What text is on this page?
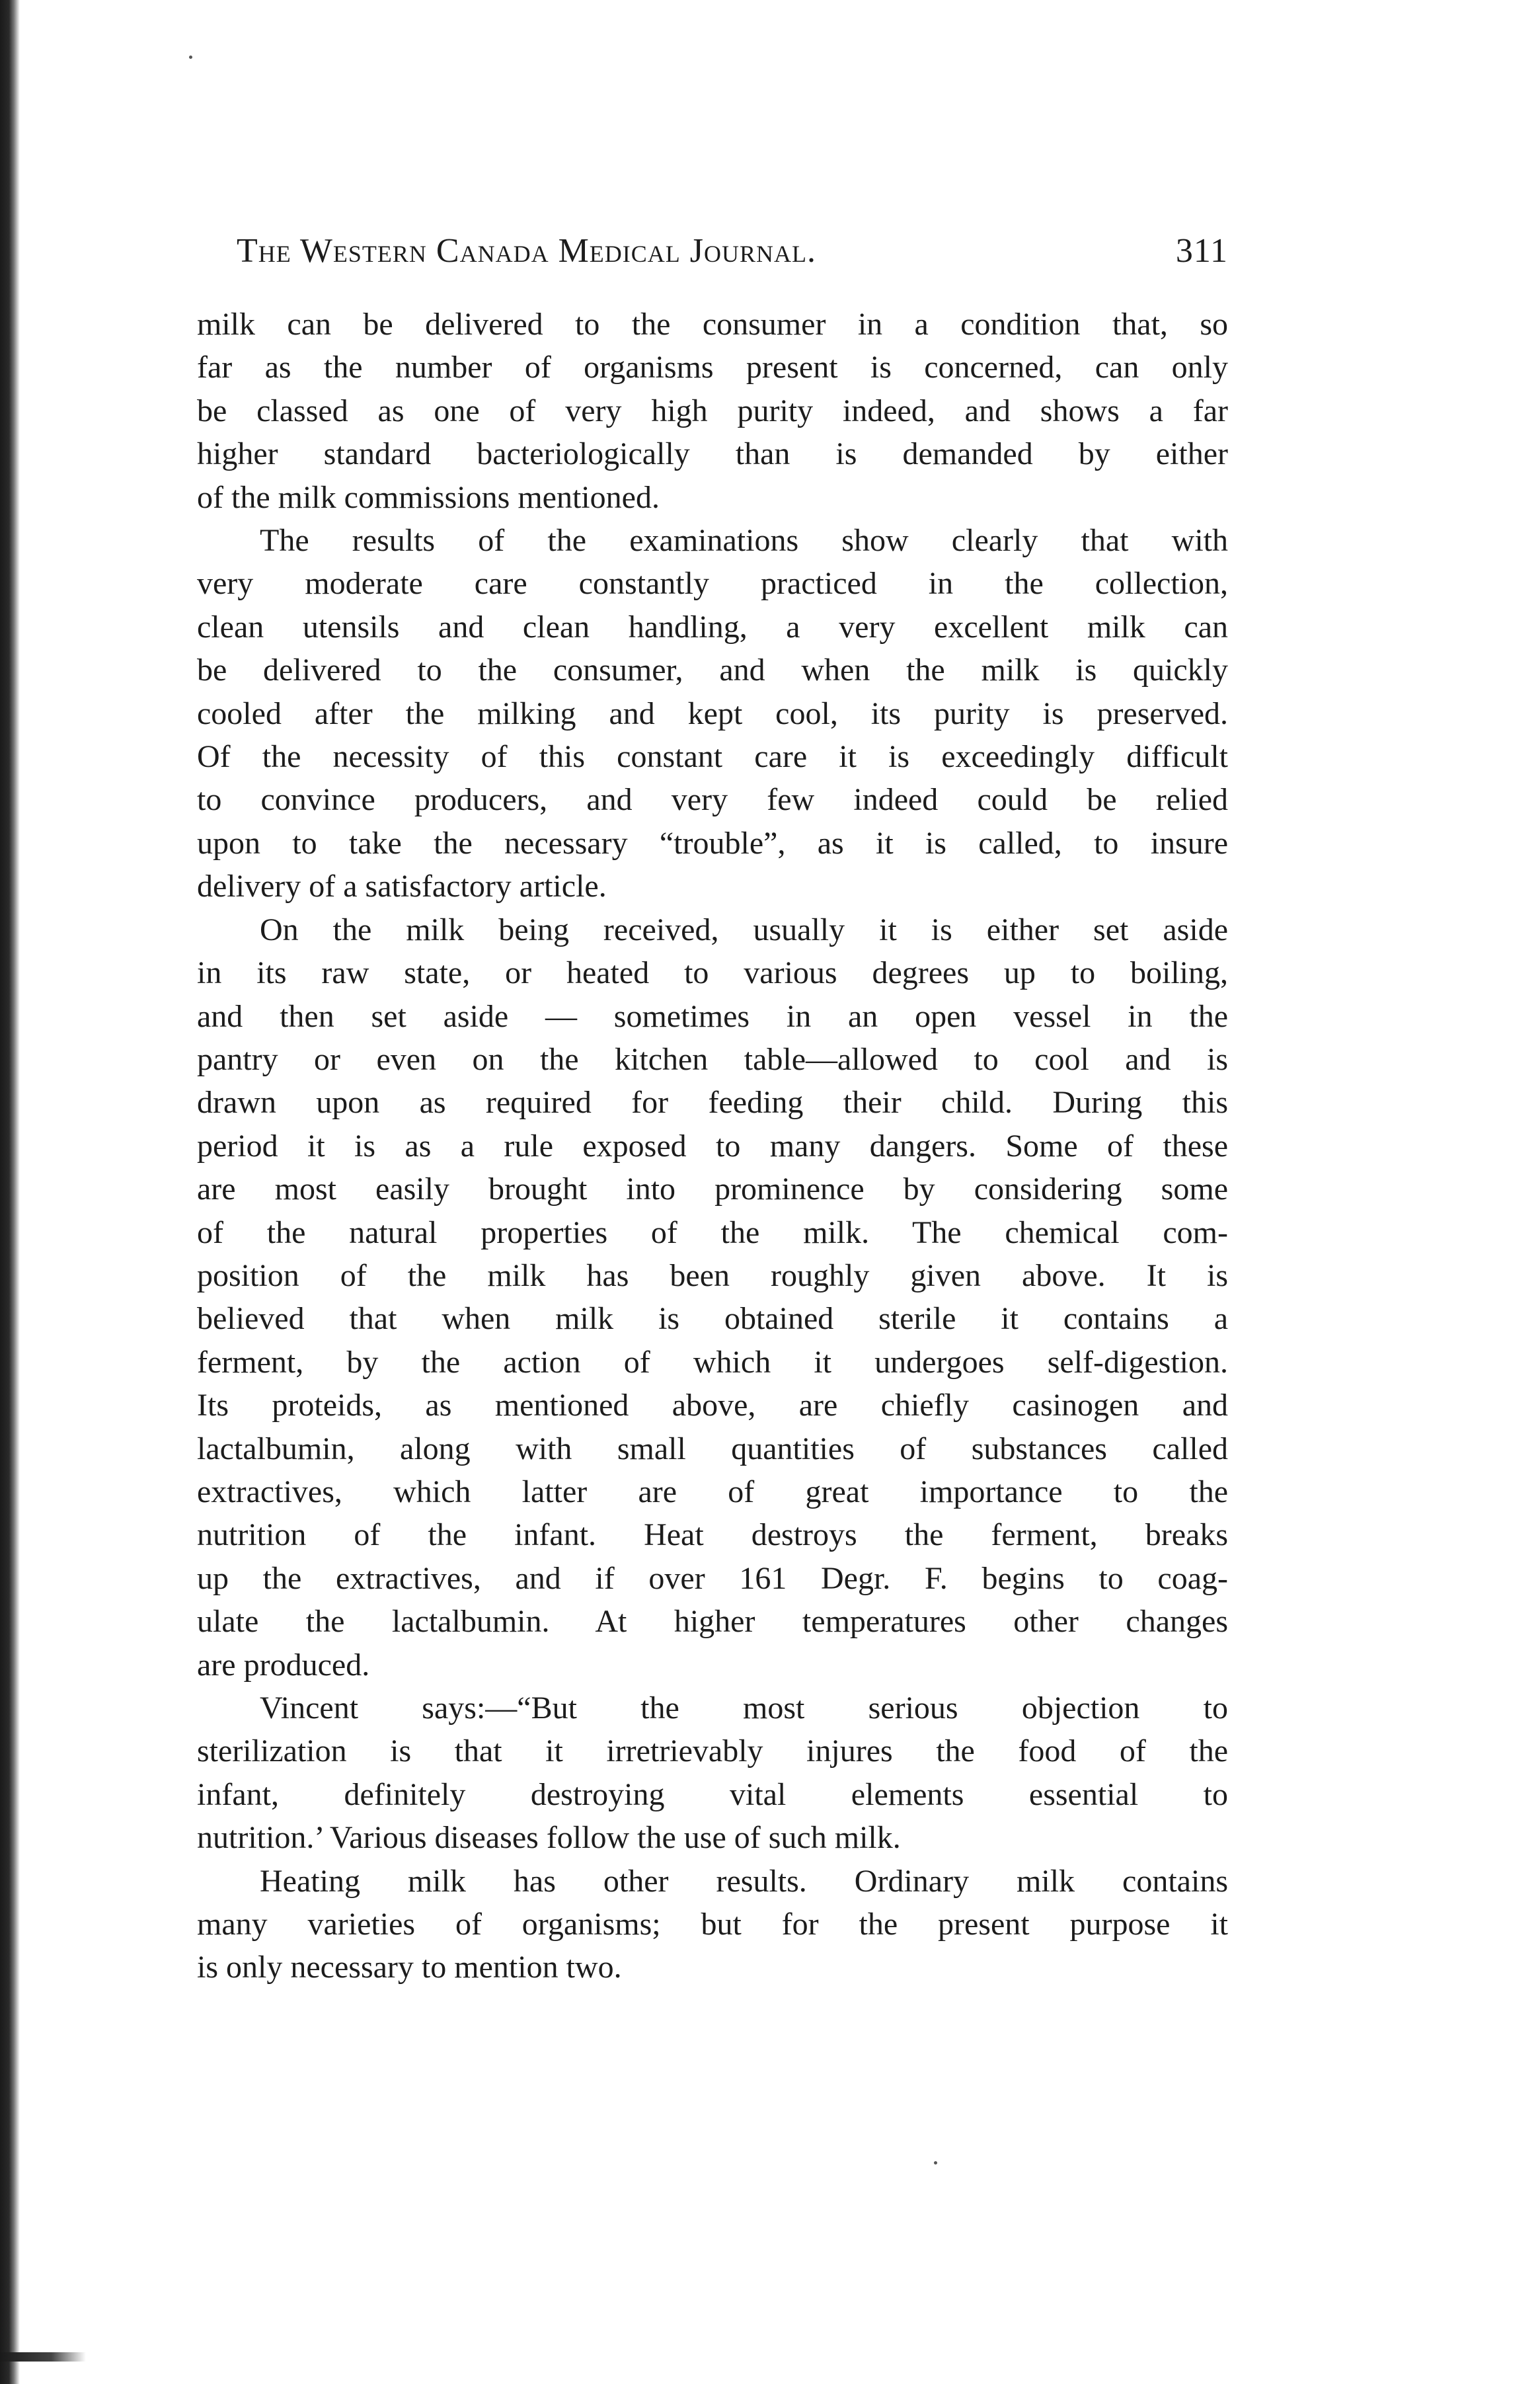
The Western Canada Medical Journal.	311

milk can be delivered to the consumer in a condition that, so
far as the number of organisms present is concerned, can only
be classed as one of very high purity indeed, and shows a far
higher standard bacteriologically than is demanded by either
of the milk commissions mentioned.

The results of the examinations show clearly that with
very moderate care constantly practiced in the collection,
clean utensils and clean handling, a very excellent milk can
be delivered to the consumer, and when the milk is quickly
cooled after the milking and kept cool, its purity is preserved.
Of the necessity of this constant care it is exceedingly difficult
to convince producers, and very few indeed could be relied
upon to take the necessary “trouble”, as it is called, to insure
delivery of a satisfactory article.

On the milk being received, usually it is either set aside
in its raw state, or heated to various degrees up to boiling,
and then set aside — sometimes in an open vessel in the
pantry or even on the kitchen table—allowed to cool and is
drawn upon as required for feeding their child. During this
period it is as a rule exposed to many dangers. Some of these
are most easily brought into prominence by considering some
of the natural properties of the milk. The chemical com-
position of the milk has been roughly given above. It is
believed that when milk is obtained sterile it contains a
ferment, by the action of which it undergoes self-digestion.
Its proteids, as mentioned above, are chiefly casinogen and
lactalbumin, along with small quantities of substances called
extractives, which latter are of great importance to the
nutrition of the infant. Heat destroys the ferment, breaks
up the extractives, and if over 161 Degr. F. begins to coag-
ulate the lactalbumin. At higher temperatures other changes
are produced.

Vincent says:—“But the most serious objection to
sterilization is that it irretrievably injures the food of the
infant, definitely destroying vital elements essential to
nutrition.’ Various diseases follow the use of such milk.

Heating milk has other results. Ordinary milk contains
many varieties of organisms; but for the present purpose it
is only necessary to mention two.
